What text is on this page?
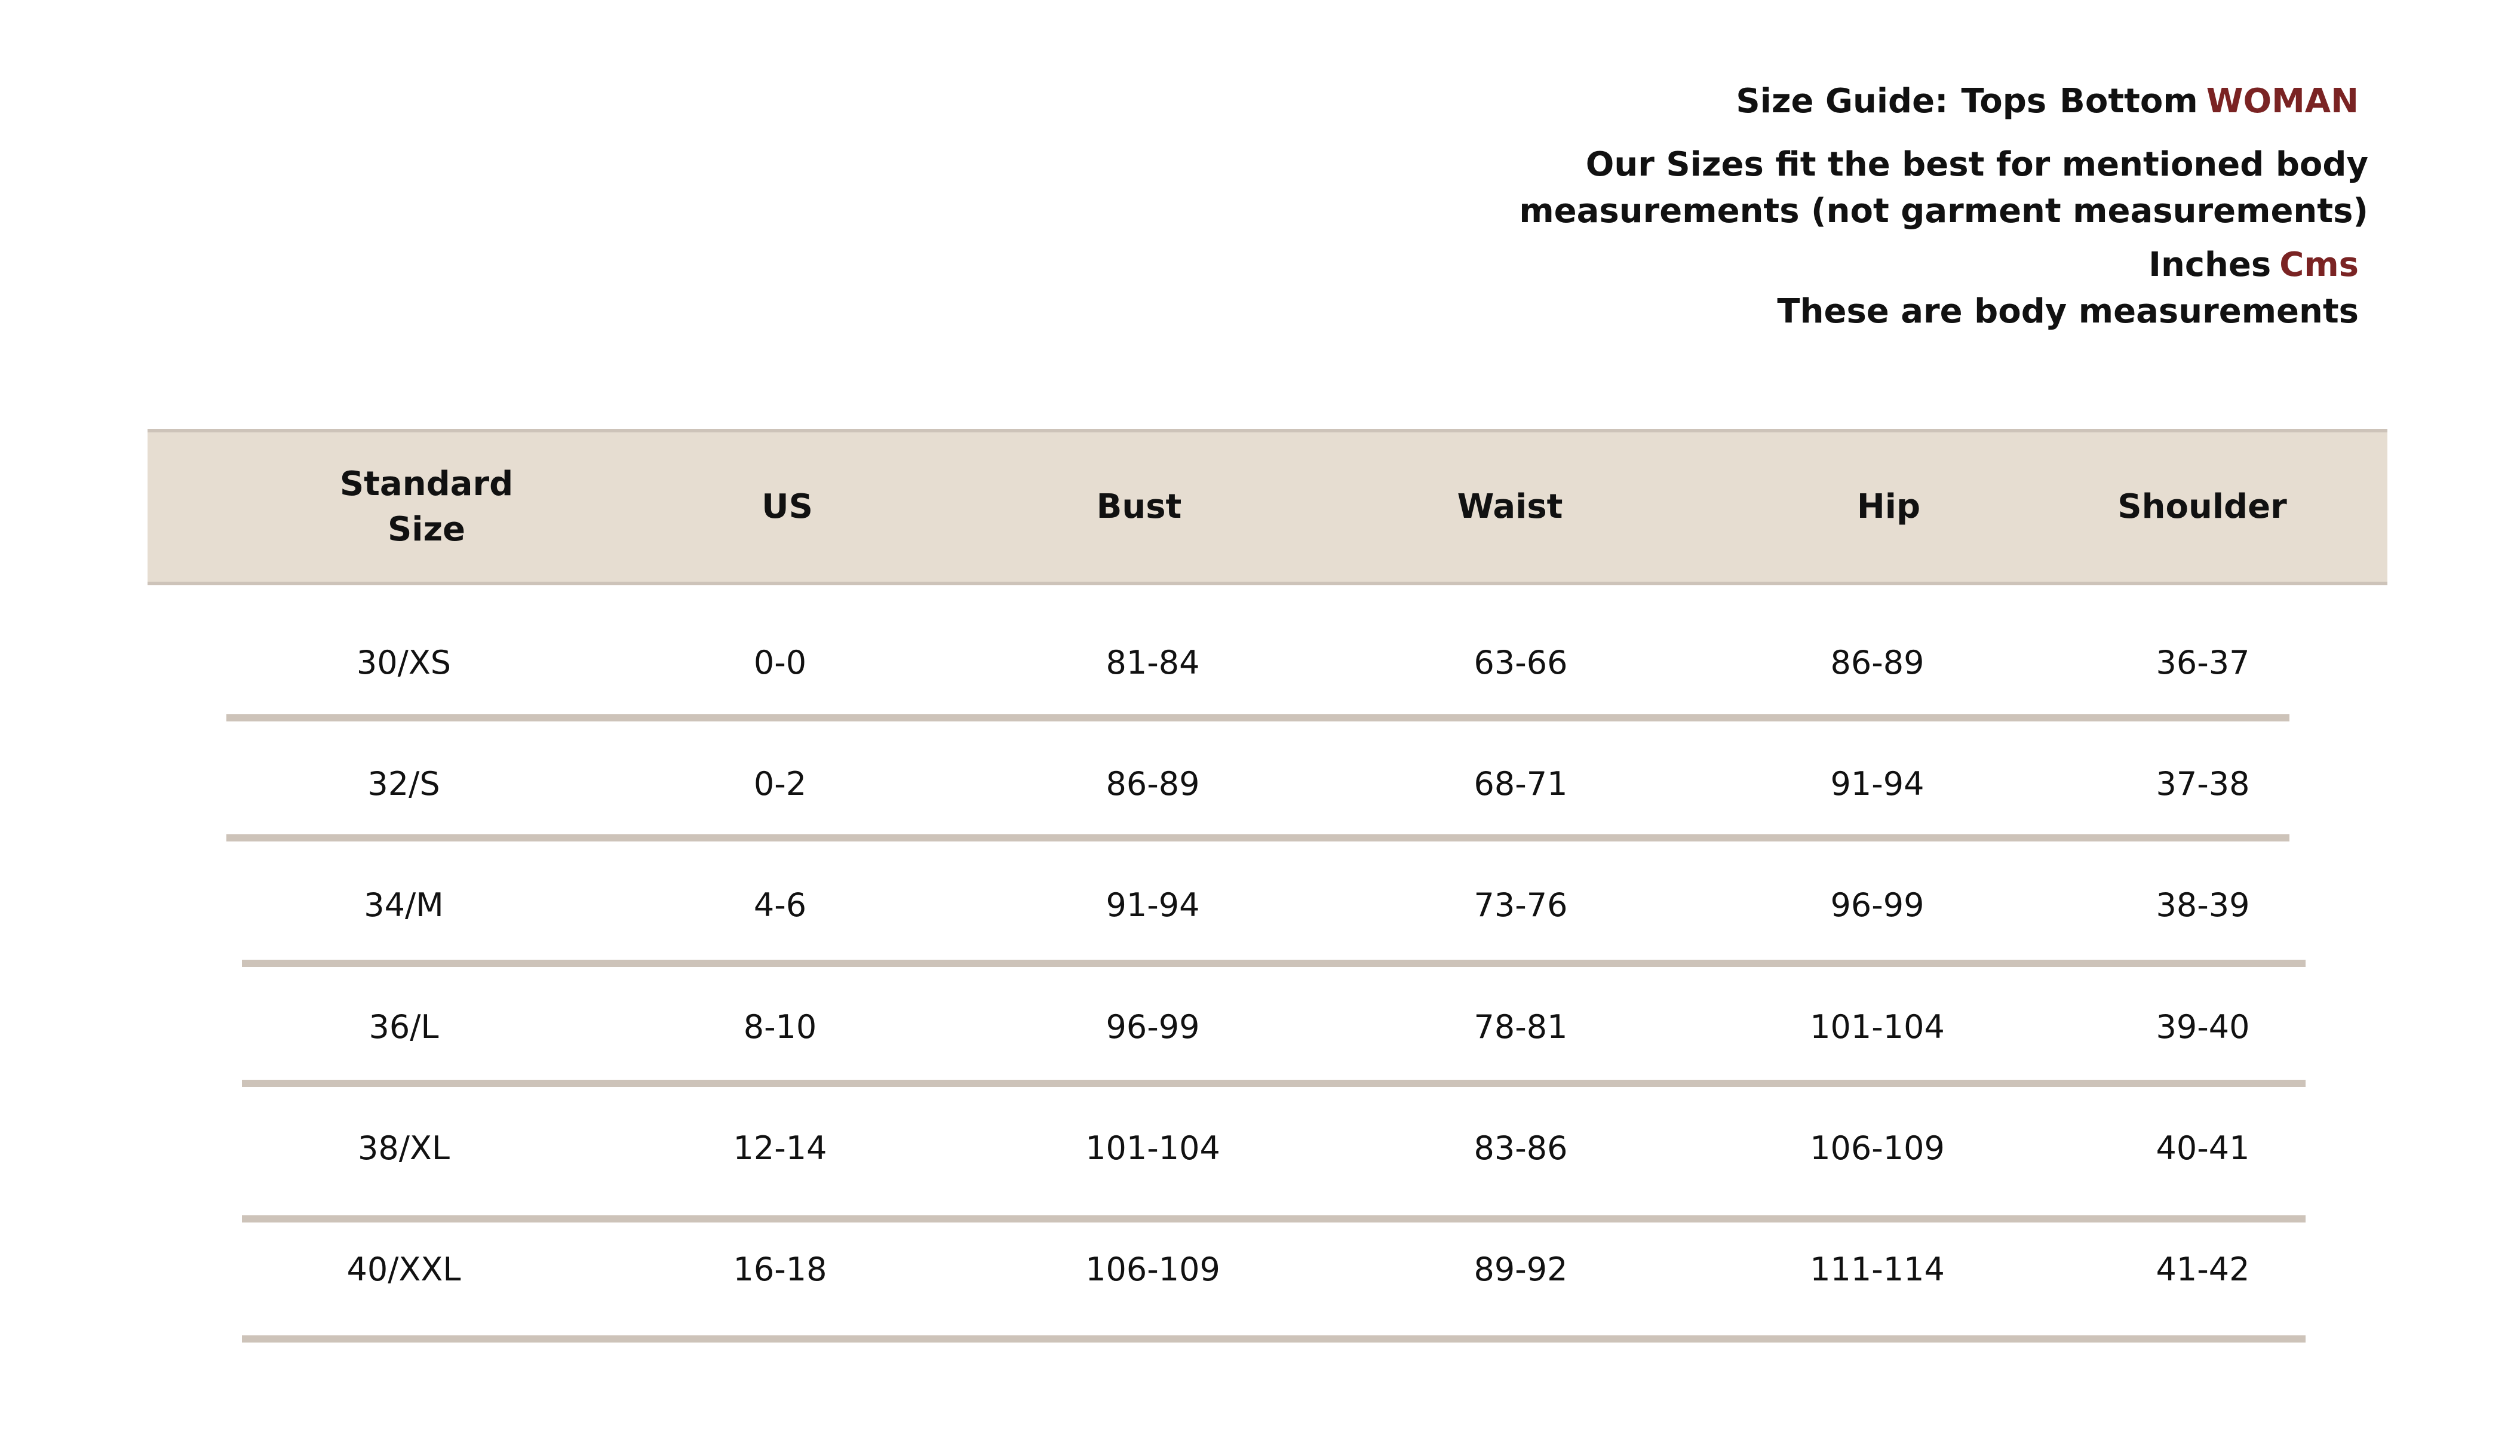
Size Guide: Tops Bottom WOMAN
Our Sizes fit the best for mentioned body
measurements (not garment measurements)
Inches Cms
These are body measurements
Standard
Size
US	Bust	Waist	Hip	Shoulder
30/XS	0-0	81-84	63-66	86-89	36-37
32/S	0-2	86-89	68-71	91-94	37-38
34/M	4-6	91-94	73-76	96-99	38-39
36/L	8-10	96-99	78-81	101-104	39-40
38/XL	12-14	101-104	83-86	106-109	40-41
40/XXL	16-18	106-109	89-92	111-114	41-42
